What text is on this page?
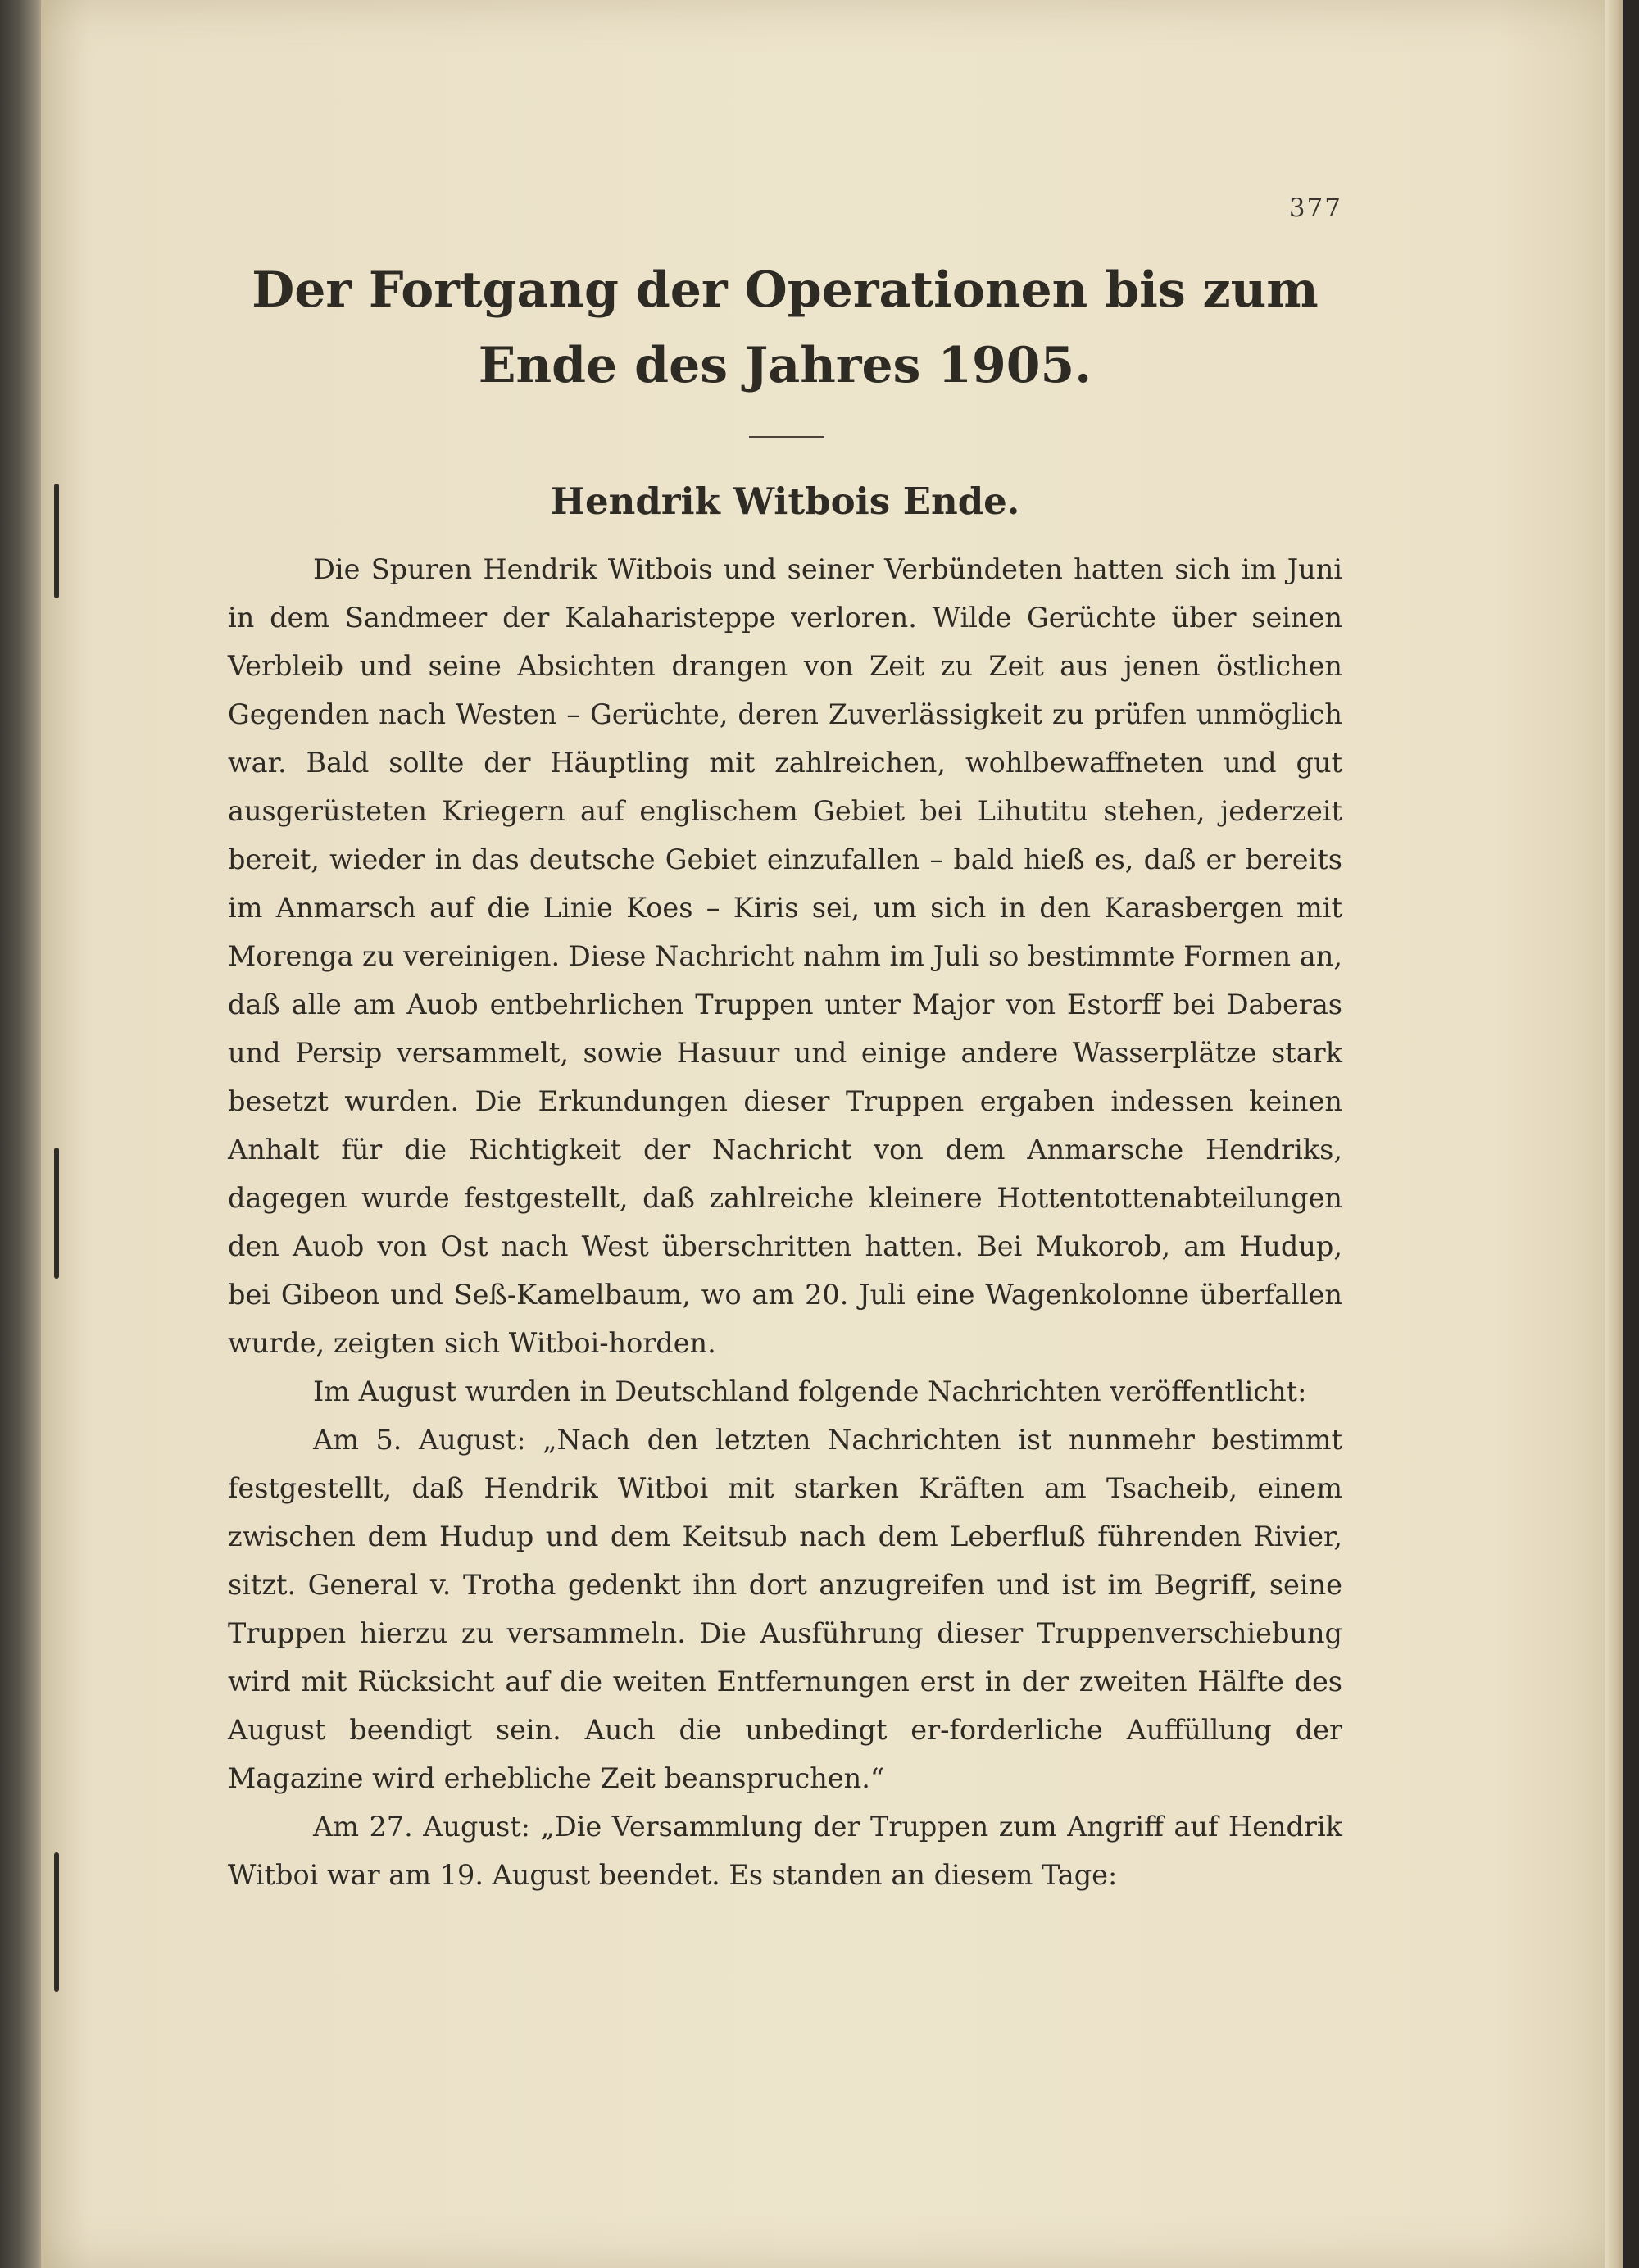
377
Der Fortgang der Operationen bis zum Ende des Jahres 1905.
Hendrik Witbois Ende.

Die Spuren Hendrik Witbois und seiner Verbündeten hatten sich im Juni in dem Sandmeer der Kalaharisteppe verloren. Wilde Gerüchte über seinen Verbleib und seine Absichten drangen von Zeit zu Zeit aus jenen östlichen Gegenden nach Westen – Gerüchte, deren Zuverlässigkeit zu prüfen unmöglich war. Bald sollte der Häuptling mit zahlreichen, wohlbewaffneten und gut ausgerüsteten Kriegern auf englischem Gebiet bei Lihutitu stehen, jederzeit bereit, wieder in das deutsche Gebiet einzufallen – bald hieß es, daß er bereits im Anmarsch auf die Linie Koes – Kiris sei, um sich in den Karasbergen mit Morenga zu vereinigen. Diese Nachricht nahm im Juli so bestimmte Formen an, daß alle am Auob entbehrlichen Truppen unter Major von Estorff bei Daberas und Persip versammelt, sowie Hasuur und einige andere Wasserplätze stark besetzt wurden. Die Erkundungen dieser Truppen ergaben indessen keinen Anhalt für die Richtigkeit der Nachricht von dem Anmarsche Hendriks, dagegen wurde festgestellt, daß zahlreiche kleinere Hottentottenabteilungen den Auob von Ost nach West überschritten hatten. Bei Mukorob, am Hudup, bei Gibeon und Seß-Kamelbaum, wo am 20. Juli eine Wagenkolonne überfallen wurde, zeigten sich Witboi-horden.

Im August wurden in Deutschland folgende Nachrichten veröffentlicht:

Am 5. August: „Nach den letzten Nachrichten ist nunmehr bestimmt festgestellt, daß Hendrik Witboi mit starken Kräften am Tsacheib, einem zwischen dem Hudup und dem Keitsub nach dem Leberfluß führenden Rivier, sitzt. General v. Trotha gedenkt ihn dort anzugreifen und ist im Begriff, seine Truppen hierzu zu versammeln. Die Ausführung dieser Truppenverschiebung wird mit Rücksicht auf die weiten Entfernungen erst in der zweiten Hälfte des August beendigt sein. Auch die unbedingt er-forderliche Auffüllung der Magazine wird erhebliche Zeit beanspruchen.“

Am 27. August: „Die Versammlung der Truppen zum Angriff auf Hendrik Witboi war am 19. August beendet. Es standen an diesem Tage:
